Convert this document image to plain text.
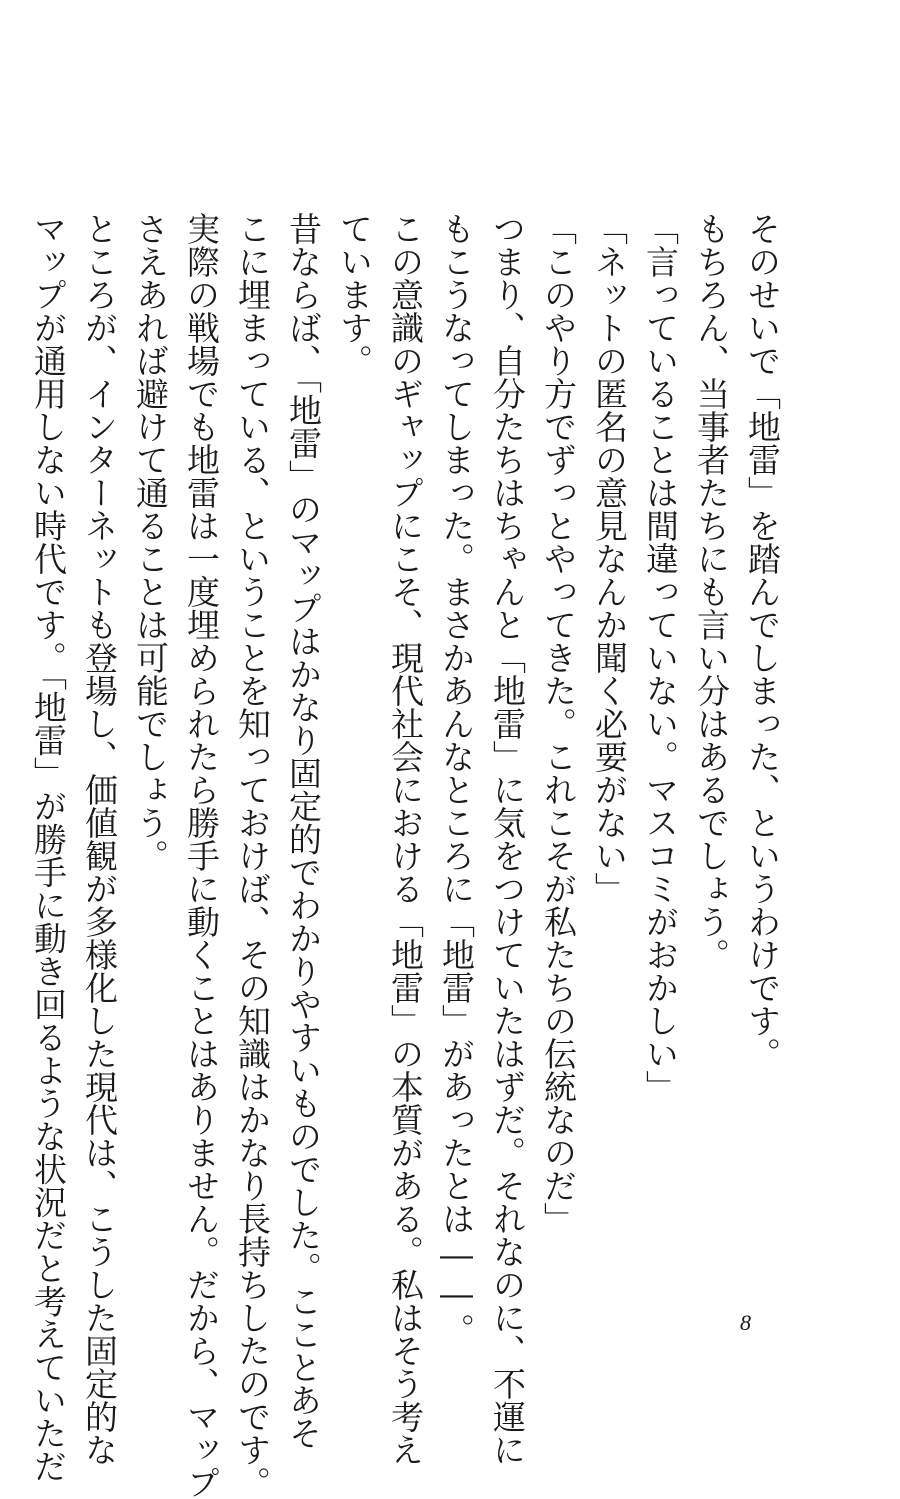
そのせいで「地雷」を踏んでしまった、というわけです。
もちろん、当事者たちにも言い分はあるでしょう。
「言っていることは間違っていない。マスコミがおかしい」
「ネットの匿名の意見なんか聞く必要がない」
「このやり方でずっとやってきた。これこそが私たちの伝統なのだ」
つまり、自分たちはちゃんと「地雷」に気をつけていたはずだ。それなのに、不運に
もこうなってしまった。まさかあんなところに「地雷」があったとは――。
この意識のギャップにこそ、現代社会における「地雷」の本質がある。私はそう考え
ています。
昔ならば、「地雷」のマップはかなり固定的でわかりやすいものでした。こことあそ
こに埋まっている、ということを知っておけば、その知識はかなり長持ちしたのです。
実際の戦場でも地雷は一度埋められたら勝手に動くことはありません。だから、マップ
さえあれば避けて通ることは可能でしょう。
ところが、インターネットも登場し、価値観が多様化した現代は、こうした固定的な
マップが通用しない時代です。「地雷」が勝手に動き回るような状況だと考えていただ	8
